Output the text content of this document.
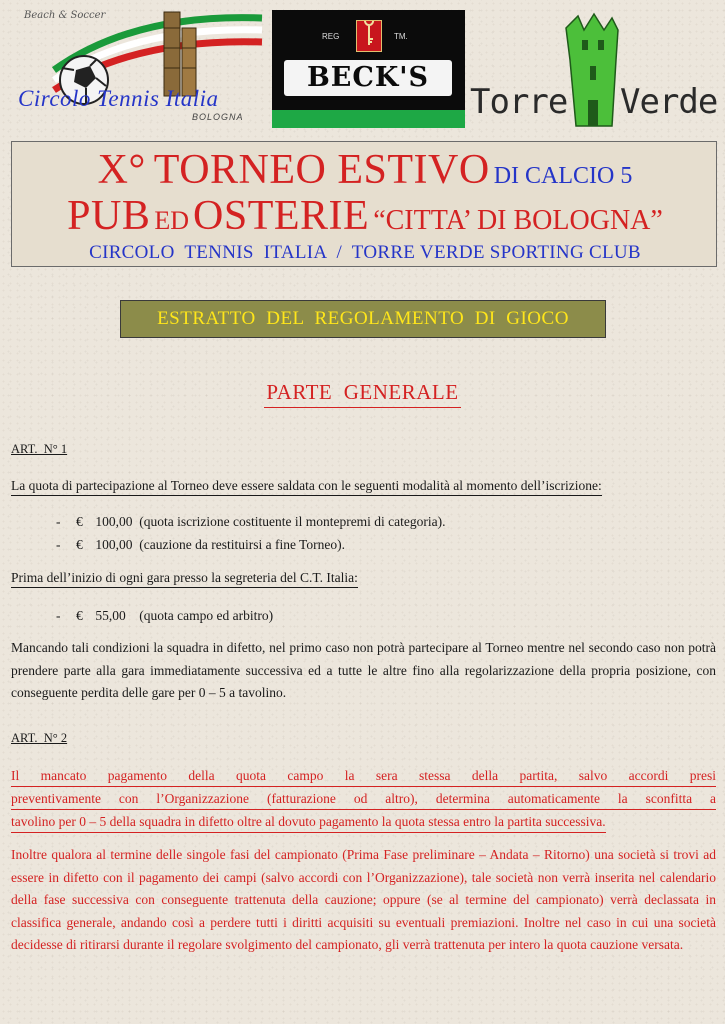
Beach & Soccer
Circolo Tennis Italia
BOLOGNA
REG	TM.
BECK'S
Torre Verde
X° TORNEO ESTIVO DI CALCIO 5
PUB ED OSTERIE “CITTA’ DI BOLOGNA”
CIRCOLO  TENNIS  ITALIA  /  TORRE VERDE SPORTING CLUB
ESTRATTO  DEL  REGOLAMENTO  DI  GIOCO
PARTE  GENERALE
ART.  N° 1
La quota di partecipazione al Torneo deve essere saldata con le seguenti modalità al momento dell’iscrizione:
- € 100,00 (quota iscrizione costituente il montepremi di categoria).
- € 100,00 (cauzione da restituirsi a fine Torneo).
Prima dell’inizio di ogni gara presso la segreteria del C.T. Italia:
- € 55,00 (quota campo ed arbitro)
Mancando tali condizioni la squadra in difetto, nel primo caso non potrà partecipare al Torneo mentre nel secondo caso non potrà prendere parte alla gara immediatamente successiva ed a tutte le altre fino alla regolarizzazione della propria posizione, con conseguente perdita delle gare per 0 – 5 a tavolino.
ART.  N° 2
Il mancato pagamento della quota campo la sera stessa della partita, salvo accordi presi
preventivamente con l’Organizzazione (fatturazione od altro), determina automaticamente la sconfitta a
tavolino per 0 – 5 della squadra in difetto oltre al dovuto pagamento la quota stessa entro la partita successiva.
Inoltre qualora al termine delle singole fasi del campionato (Prima Fase preliminare – Andata – Ritorno) una società si trovi ad essere in difetto con il pagamento dei campi (salvo accordi con l’Organizzazione), tale società non verrà inserita nel calendario della fase successiva con conseguente trattenuta della cauzione; oppure (se al termine del campionato) verrà declassata in classifica generale, andando così a perdere tutti i diritti acquisiti su eventuali premiazioni. Inoltre nel caso in cui una società decidesse di ritirarsi durante il regolare svolgimento del campionato, gli verrà trattenuta per intero la quota cauzione versata.
